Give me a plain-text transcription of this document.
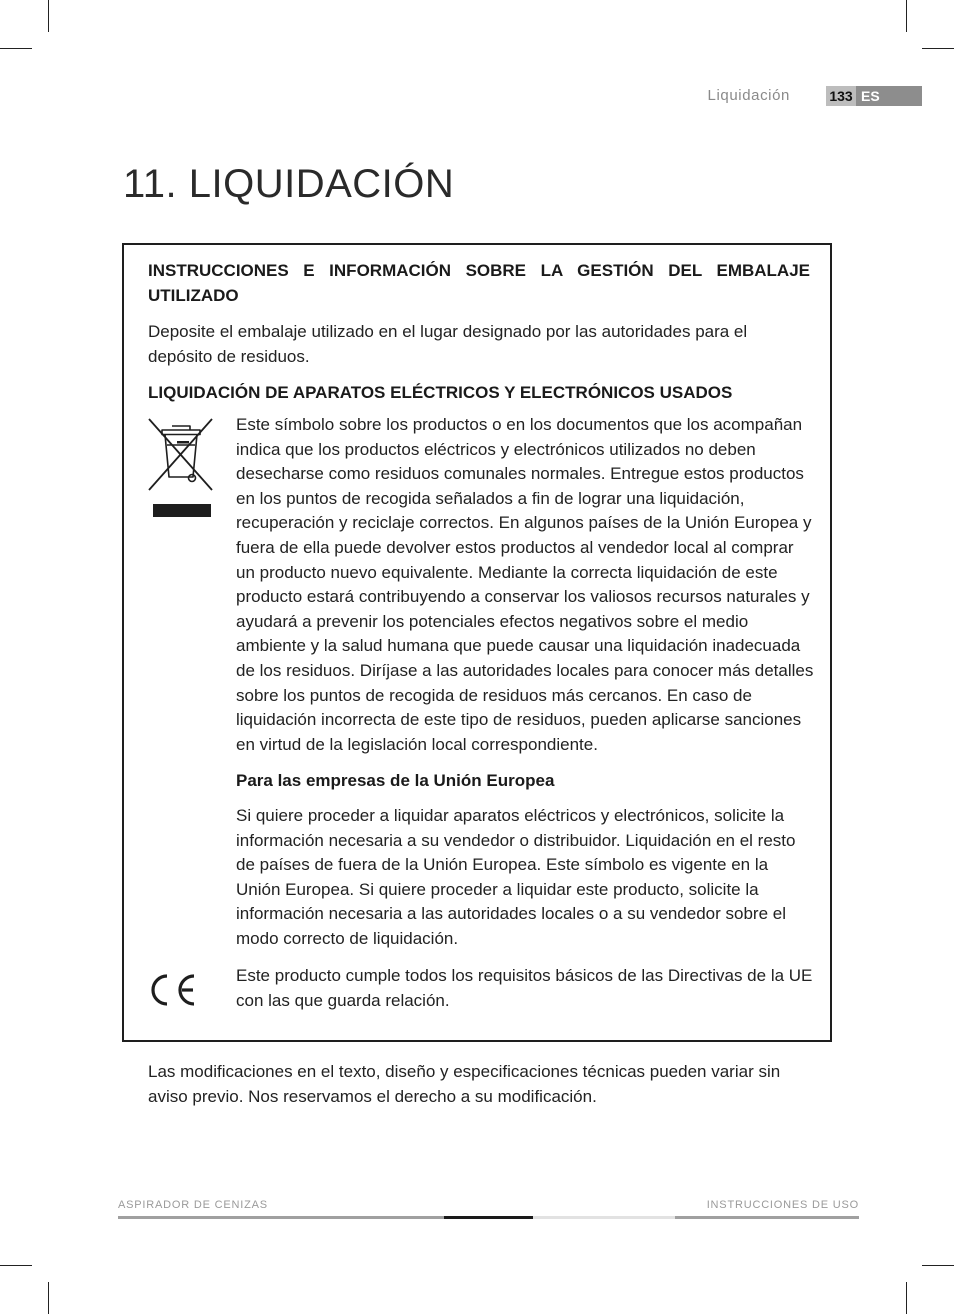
Liquidación	133 ES
11. LIQUIDACIÓN
INSTRUCCIONES E INFORMACIÓN SOBRE LA GESTIÓN DEL EMBALAJE
UTILIZADO

Deposite el embalaje utilizado en el lugar designado por las autoridades para el depósito de residuos.

LIQUIDACIÓN DE APARATOS ELÉCTRICOS Y ELECTRÓNICOS USADOS

Este símbolo sobre los productos o en los documentos que los acompañan indica que los productos eléctricos y electrónicos utilizados no deben desecharse como residuos comunales normales. Entregue estos productos en los puntos de recogida señalados a fin de lograr una liquidación, recuperación y reciclaje correctos. En algunos países de la Unión Europea y fuera de ella puede devolver estos productos al vendedor local al comprar un producto nuevo equivalente. Mediante la correcta liquidación de este producto estará contribuyendo a conservar los valiosos recursos naturales y ayudará a prevenir los potenciales efectos negativos sobre el medio ambiente y la salud humana que puede causar una liquidación inadecuada de los residuos. Diríjase a las autoridades locales para conocer más detalles sobre los puntos de recogida de residuos más cercanos. En caso de liquidación incorrecta de este tipo de residuos, pueden aplicarse sanciones en virtud de la legislación local correspondiente.

Para las empresas de la Unión Europea

Si quiere proceder a liquidar aparatos eléctricos y electrónicos, solicite la información necesaria a su vendedor o distribuidor. Liquidación en el resto de países de fuera de la Unión Europea. Este símbolo es vigente en la Unión Europea. Si quiere proceder a liquidar este producto, solicite la información necesaria a las autoridades locales o a su vendedor sobre el modo correcto de liquidación.

Este producto cumple todos los requisitos básicos de las Directivas de la UE con las que guarda relación.

Las modificaciones en el texto, diseño y especificaciones técnicas pueden variar sin aviso previo. Nos reservamos el derecho a su modificación.

ASPIRADOR DE CENIZAS	INSTRUCCIONES DE USO
